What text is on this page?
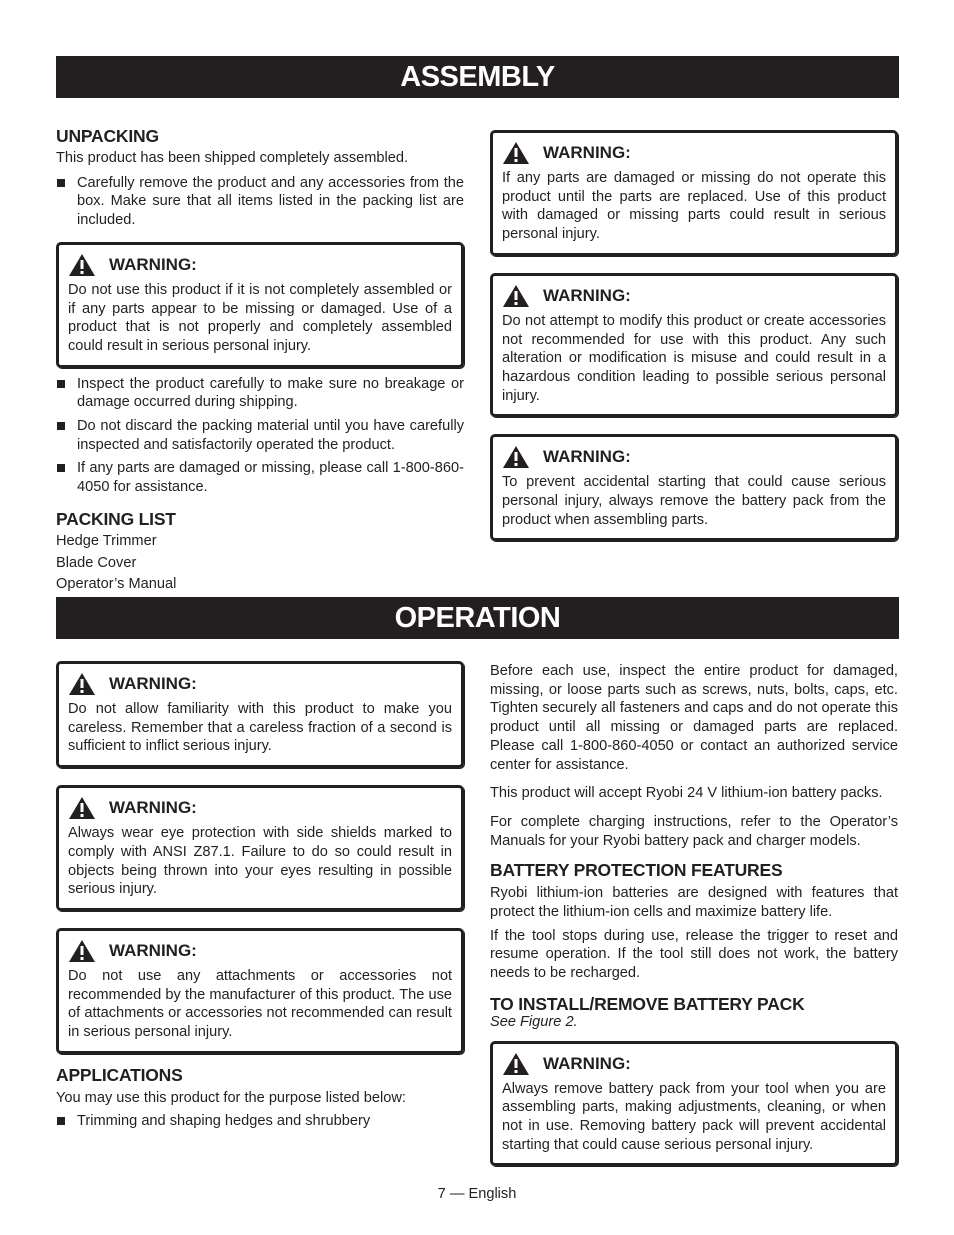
ASSEMBLY
UNPACKING

This product has been shipped completely assembled.

Carefully remove the product and any accessories from the box. Make sure that all items listed in the packing list are included.
WARNING:

Do not use this product if it is not completely assembled or if any parts appear to be missing or damaged. Use of a product that is not properly and completely assembled could result in serious personal injury.

Inspect the product carefully to make sure no breakage or damage occurred during shipping.
Do not discard the packing material until you have carefully inspected and satisfactorily operated the product.
If any parts are damaged or missing, please call 1-800-860-4050 for assistance.
PACKING LIST

Hedge Trimmer

Blade Cover

Operator’s Manual

WARNING:

If any parts are damaged or missing do not operate this product until the parts are replaced. Use of this product with damaged or missing parts could result in serious personal injury.

WARNING:

Do not attempt to modify this product or create accessories not recommended for use with this product. Any such alteration or modification is misuse and could result in a hazardous condition leading to possible serious personal injury.

WARNING:

To prevent accidental starting that could cause serious personal injury, always remove the battery pack from the product when assembling parts.

OPERATION
WARNING:

Do not allow familiarity with this product to make you careless. Remember that a careless fraction of a second is sufficient to inflict serious injury.

WARNING:

Always wear eye protection with side shields marked to comply with ANSI Z87.1. Failure to do so could result in objects being thrown into your eyes resulting in possible serious injury.

WARNING:

Do not use any attachments or accessories not recommended by the manufacturer of this product. The use of attachments or accessories not recommended can result in serious personal injury.

APPLICATIONS

You may use this product for the purpose listed below:

Trimming and shaping hedges and shrubbery

Before each use, inspect the entire product for damaged, missing, or loose parts such as screws, nuts, bolts, caps, etc. Tighten securely all fasteners and caps and do not operate this product until all missing or damaged parts are replaced. Please call 1-800-860-4050 or contact an authorized service center for assistance.

This product will accept Ryobi 24 V lithium-ion battery packs.

For complete charging instructions, refer to the Operator’s Manuals for your Ryobi battery pack and charger models.

BATTERY PROTECTION FEATURES

Ryobi lithium-ion batteries are designed with features that protect the lithium-ion cells and maximize battery life.

If the tool stops during use, release the trigger to reset and resume operation. If the tool still does not work, the battery needs to be recharged.

TO INSTALL/REMOVE BATTERY PACK

See Figure 2.

WARNING:

Always remove battery pack from your tool when you are assembling parts, making adjustments, cleaning, or when not in use. Removing battery pack will prevent accidental starting that could cause serious personal injury.

7 — English
